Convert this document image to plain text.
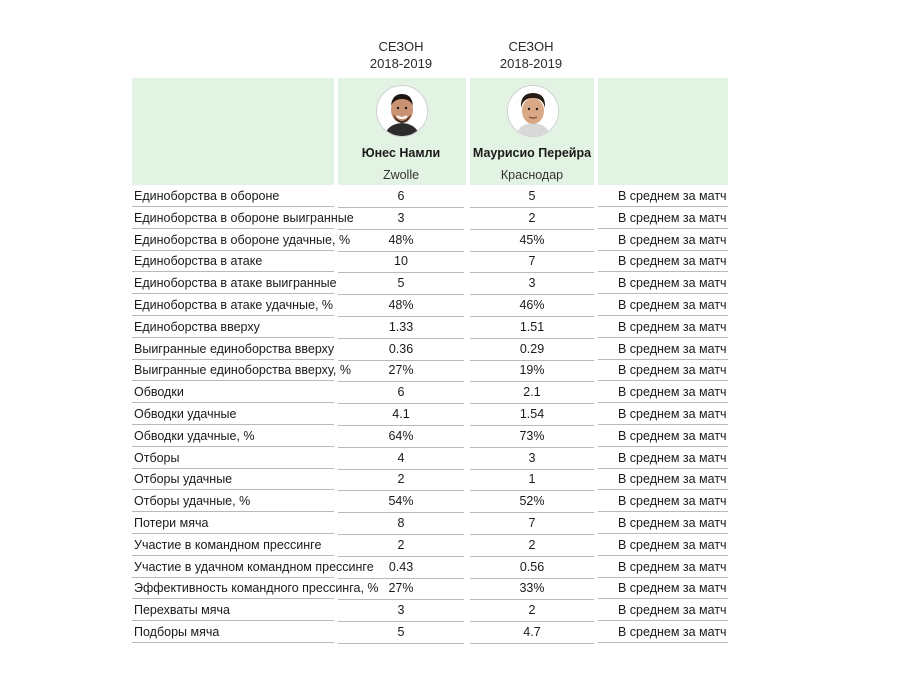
СЕЗОН
2018-2019
СЕЗОН
2018-2019
Юнес Намли
Zwolle
Маурисио Перейра
Краснодар
Единоборства в обороне	6	5	В среднем за матч
Единоборства в обороне выигранные	3	2	В среднем за матч
Единоборства в обороне удачные, %	48%	45%	В среднем за матч
Единоборства в атаке	10	7	В среднем за матч
Единоборства в атаке выигранные	5	3	В среднем за матч
Единоборства в атаке удачные, %	48%	46%	В среднем за матч
Единоборства вверху	1.33	1.51	В среднем за матч
Выигранные единоборства вверху	0.36	0.29	В среднем за матч
Выигранные единоборства вверху, %	27%	19%	В среднем за матч
Обводки	6	2.1	В среднем за матч
Обводки удачные	4.1	1.54	В среднем за матч
Обводки удачные, %	64%	73%	В среднем за матч
Отборы	4	3	В среднем за матч
Отборы удачные	2	1	В среднем за матч
Отборы удачные, %	54%	52%	В среднем за матч
Потери мяча	8	7	В среднем за матч
Участие в командном прессинге	2	2	В среднем за матч
Участие в удачном командном прессинге	0.43	0.56	В среднем за матч
Эффективность командного прессинга, % 27%	33%	В среднем за матч
Перехваты мяча	3	2	В среднем за матч
Подборы мяча	5	4.7	В среднем за матч
